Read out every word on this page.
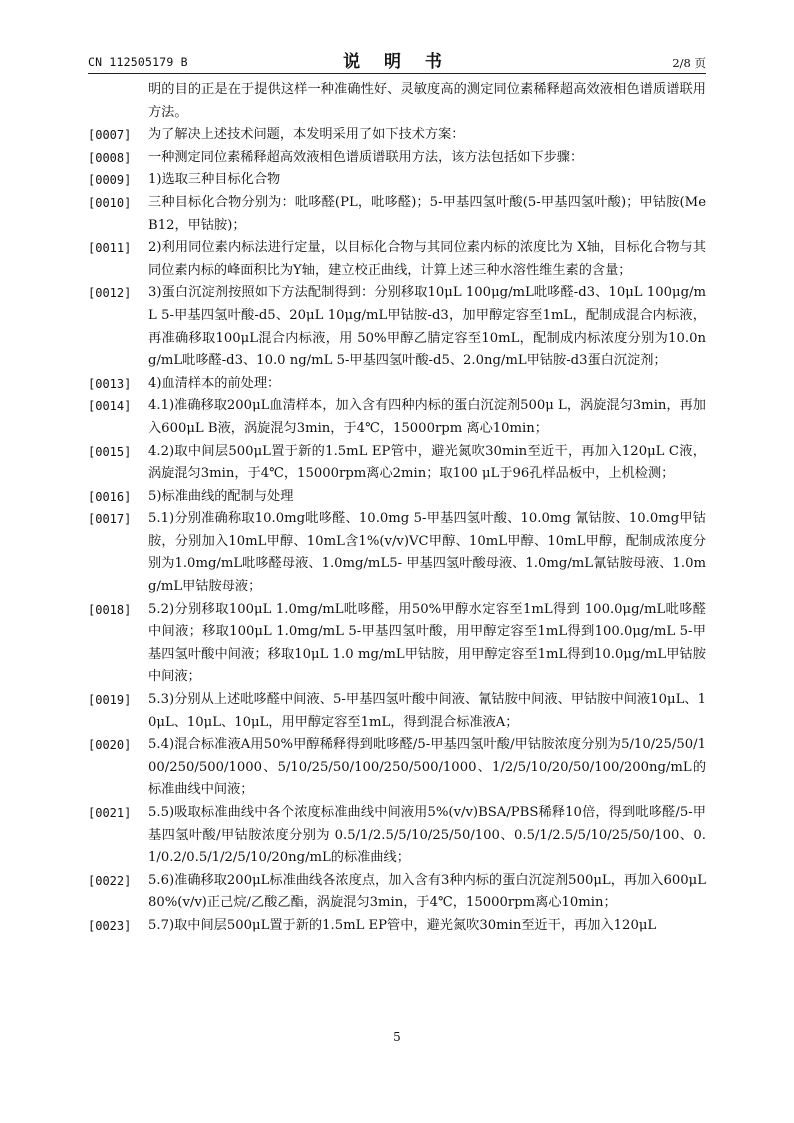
CN 112505179 B	说 明 书	2/8 页
明的目的正是在于提供这样一种准确性好、灵敏度高的测定同位素稀释超高效液相色谱质谱联用方法。
[0007]	为了解决上述技术问题，本发明采用了如下技术方案：
[0008]	一种测定同位素稀释超高效液相色谱质谱联用方法，该方法包括如下步骤：
[0009]	1)选取三种目标化合物
[0010]	三种目标化合物分别为：吡哆醛(PL，吡哆醛)；5-甲基四氢叶酸(5-甲基四氢叶酸)；甲钴胺(MeB12，甲钴胺)；
[0011]	2)利用同位素内标法进行定量，以目标化合物与其同位素内标的浓度比为 X轴，目标化合物与其同位素内标的峰面积比为Y轴，建立校正曲线，计算上述三种水溶性维生素的含量；
[0012]	3)蛋白沉淀剂按照如下方法配制得到：分别移取10μL 100μg/mL吡哆醛-d3、10μL 100μg/mL 5-甲基四氢叶酸-d5、20μL 10μg/mL甲钴胺-d3，加甲醇定容至1mL，配制成混合内标液，再准确移取100μL混合内标液，用 50%甲醇乙腈定容至10mL，配制成内标浓度分别为10.0ng/mL吡哆醛-d3、10.0 ng/mL 5-甲基四氢叶酸-d5、2.0ng/mL甲钴胺-d3蛋白沉淀剂；
[0013]	4)血清样本的前处理：
[0014]	4.1)准确移取200μL血清样本，加入含有四种内标的蛋白沉淀剂500μ L，涡旋混匀3min，再加入600μL B液，涡旋混匀3min，于4℃，15000rpm 离心10min；
[0015]	4.2)取中间层500μL置于新的1.5mL EP管中，避光氮吹30min至近干，再加入120μL C液，涡旋混匀3min，于4℃，15000rpm离心2min；取100 μL于96孔样品板中，上机检测；
[0016]	5)标准曲线的配制与处理
[0017]	5.1)分别准确称取10.0mg吡哆醛、10.0mg 5-甲基四氢叶酸、10.0mg 氰钴胺、10.0mg甲钴胺，分别加入10mL甲醇、10mL含1%(v/v)VC甲醇、10mL甲醇、10mL甲醇，配制成浓度分别为1.0mg/mL吡哆醛母液、1.0mg/mL5- 甲基四氢叶酸母液、1.0mg/mL氰钴胺母液、1.0mg/mL甲钴胺母液；
[0018]	5.2)分别移取100μL 1.0mg/mL吡哆醛，用50%甲醇水定容至1mL得到 100.0μg/mL吡哆醛中间液；移取100μL 1.0mg/mL 5-甲基四氢叶酸，用甲醇定容至1mL得到100.0μg/mL 5-甲基四氢叶酸中间液；移取10μL 1.0 mg/mL甲钴胺，用甲醇定容至1mL得到10.0μg/mL甲钴胺中间液；
[0019]	5.3)分别从上述吡哆醛中间液、5-甲基四氢叶酸中间液、氰钴胺中间液、甲钴胺中间液10μL、10μL、10μL、10μL，用甲醇定容至1mL，得到混合标准液A；
[0020]	5.4)混合标准液A用50%甲醇稀释得到吡哆醛/5-甲基四氢叶酸/甲钴胺浓度分别为5/10/25/50/100/250/500/1000、5/10/25/50/100/250/500/1000、1/2/5/10/20/50/100/200ng/mL的标准曲线中间液；
[0021]	5.5)吸取标准曲线中各个浓度标准曲线中间液用5%(v/v)BSA/PBS稀释10倍，得到吡哆醛/5-甲基四氢叶酸/甲钴胺浓度分别为 0.5/1/2.5/5/10/25/50/100、0.5/1/2.5/5/10/25/50/100、0.1/0.2/0.5/1/2/5/10/20ng/mL的标准曲线；
[0022]	5.6)准确移取200μL标准曲线各浓度点，加入含有3种内标的蛋白沉淀剂500μL，再加入600μL 80%(v/v)正己烷/乙酸乙酯，涡旋混匀3min，于4℃，15000rpm离心10min；
[0023]	5.7)取中间层500μL置于新的1.5mL EP管中，避光氮吹30min至近干，再加入120μL
5
